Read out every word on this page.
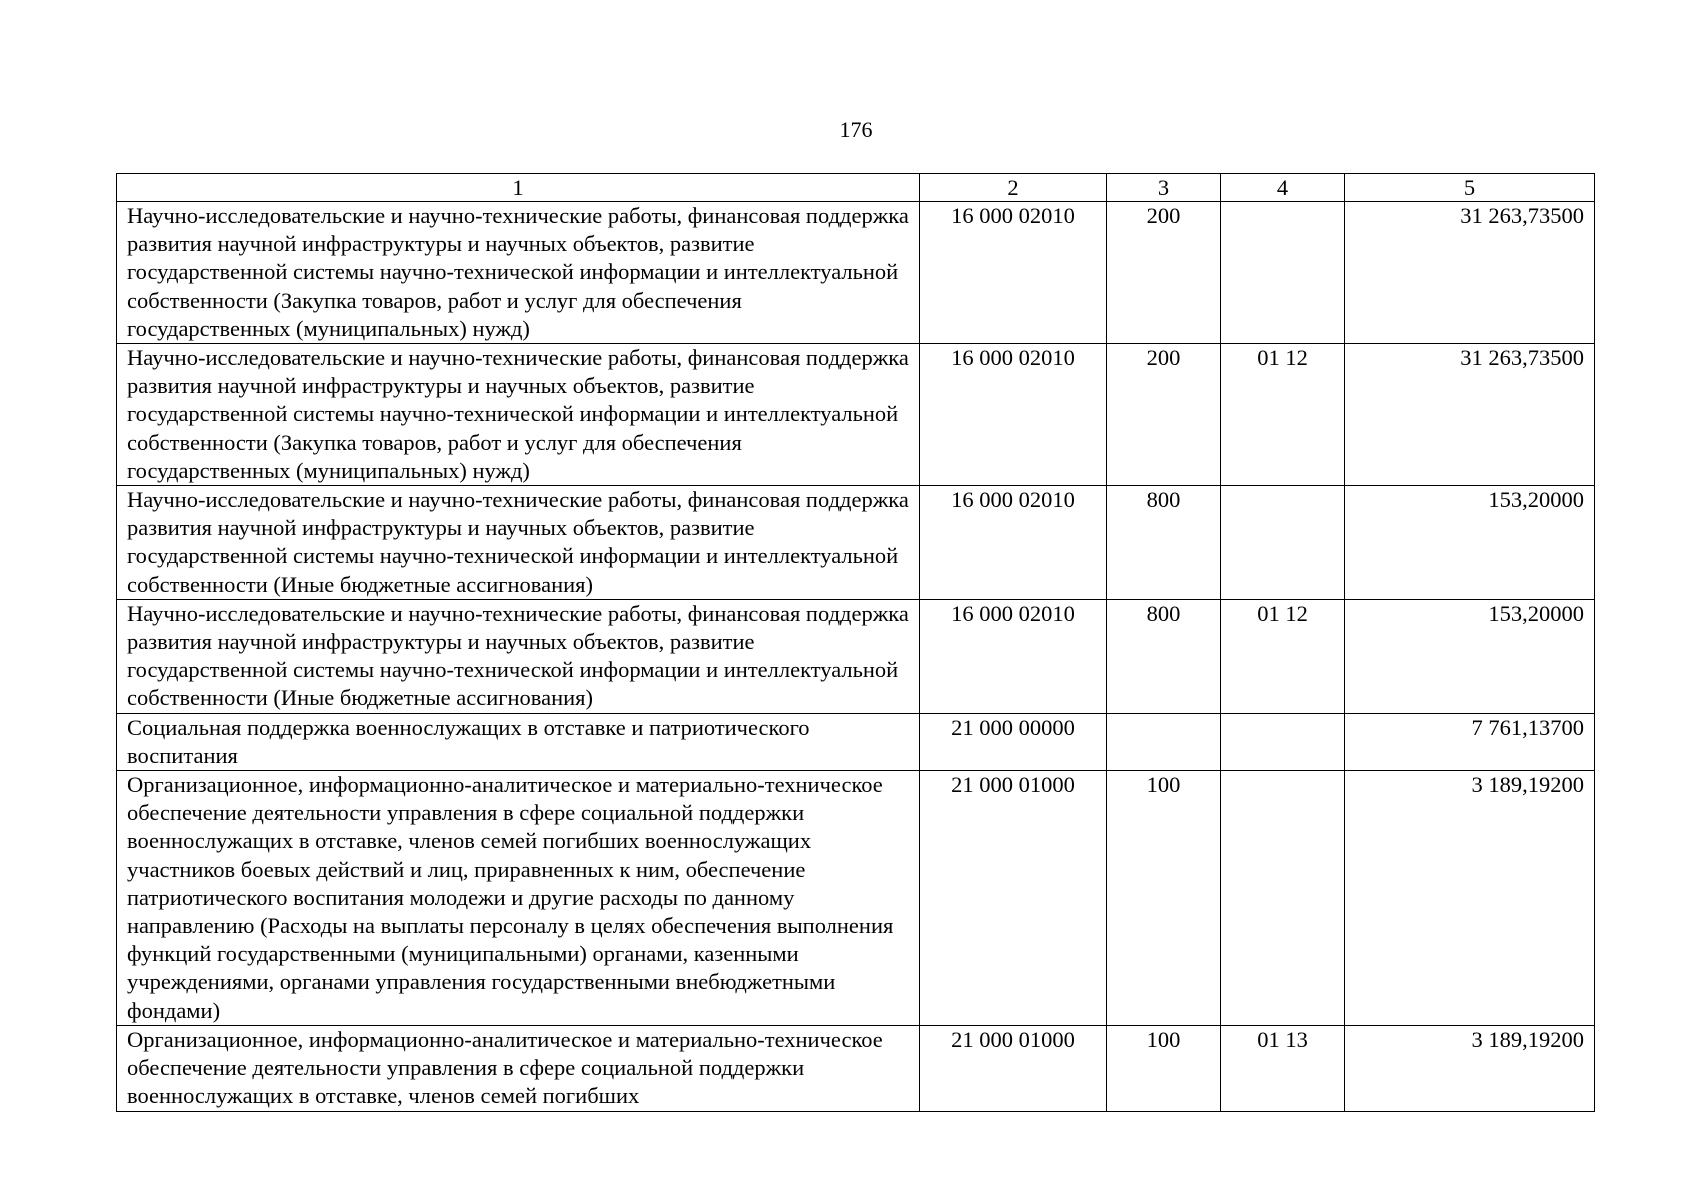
176
1	2	3	4	5
Научно-исследовательские и научно-технические работы, финансовая поддержка развития научной инфраструктуры и научных объектов, развитие государственной системы научно-технической информации и интеллектуальной собственности (Закупка товаров, работ и услуг для обеспечения государственных (муниципальных) нужд)	16 000 02010	200		31 263,73500
Научно-исследовательские и научно-технические работы, финансовая поддержка развития научной инфраструктуры и научных объектов, развитие государственной системы научно-технической информации и интеллектуальной собственности (Закупка товаров, работ и услуг для обеспечения государственных (муниципальных) нужд)	16 000 02010	200	01 12	31 263,73500
Научно-исследовательские и научно-технические работы, финансовая поддержка развития научной инфраструктуры и научных объектов, развитие государственной системы научно-технической информации и интеллектуальной собственности (Иные бюджетные ассигнования)	16 000 02010	800		153,20000
Научно-исследовательские и научно-технические работы, финансовая поддержка развития научной инфраструктуры и научных объектов, развитие государственной системы научно-технической информации и интеллектуальной собственности (Иные бюджетные ассигнования)	16 000 02010	800	01 12	153,20000
Социальная поддержка военнослужащих в отставке и патриотического воспитания	21 000 00000			7 761,13700
Организационное, информационно-аналитическое и материально-техническое обеспечение деятельности управления в сфере социальной поддержки военнослужащих в отставке, членов семей погибших военнослужащих участников боевых действий и лиц, приравненных к ним, обеспечение патриотического воспитания молодежи и другие расходы по данному направлению (Расходы на выплаты персоналу в целях обеспечения выполнения функций государственными (муниципальными) органами, казенными учреждениями, органами управления государственными внебюджетными фондами)	21 000 01000	100		3 189,19200
Организационное, информационно-аналитическое и материально-техническое обеспечение деятельности управления в сфере социальной поддержки военнослужащих в отставке, членов семей погибших	21 000 01000	100	01 13	3 189,19200
